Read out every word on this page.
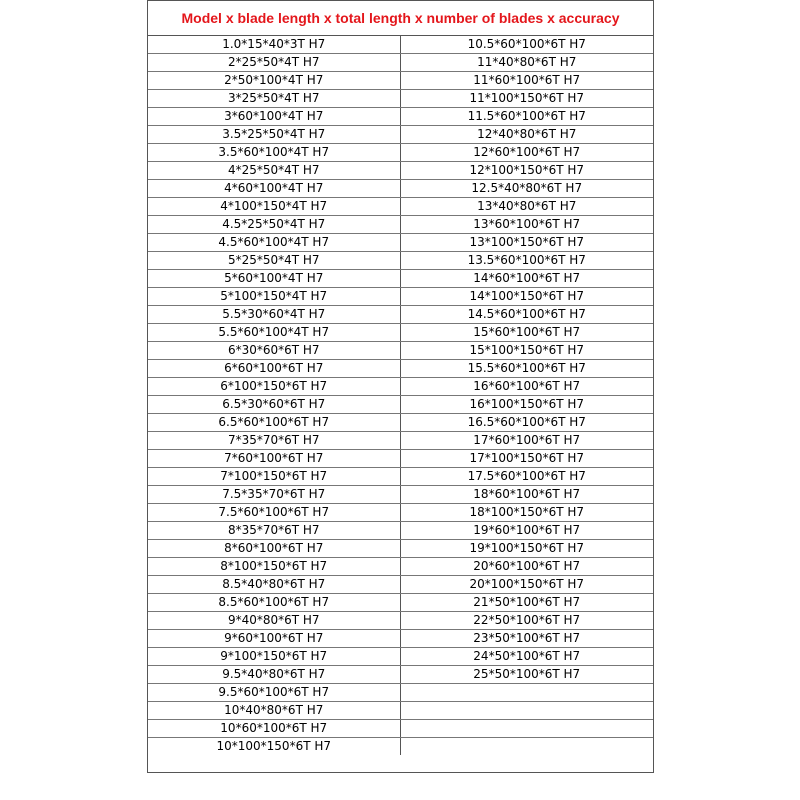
Model x blade length x total length x number of blades x accuracy
1.0*15*40*3T H7	10.5*60*100*6T H7
2*25*50*4T H7	11*40*80*6T H7
2*50*100*4T H7	11*60*100*6T H7
3*25*50*4T H7	11*100*150*6T H7
3*60*100*4T H7	11.5*60*100*6T H7
3.5*25*50*4T H7	12*40*80*6T H7
3.5*60*100*4T H7	12*60*100*6T H7
4*25*50*4T H7	12*100*150*6T H7
4*60*100*4T H7	12.5*40*80*6T H7
4*100*150*4T H7	13*40*80*6T H7
4.5*25*50*4T H7	13*60*100*6T H7
4.5*60*100*4T H7	13*100*150*6T H7
5*25*50*4T H7	13.5*60*100*6T H7
5*60*100*4T H7	14*60*100*6T H7
5*100*150*4T H7	14*100*150*6T H7
5.5*30*60*4T H7	14.5*60*100*6T H7
5.5*60*100*4T H7	15*60*100*6T H7
6*30*60*6T H7	15*100*150*6T H7
6*60*100*6T H7	15.5*60*100*6T H7
6*100*150*6T H7	16*60*100*6T H7
6.5*30*60*6T H7	16*100*150*6T H7
6.5*60*100*6T H7	16.5*60*100*6T H7
7*35*70*6T H7	17*60*100*6T H7
7*60*100*6T H7	17*100*150*6T H7
7*100*150*6T H7	17.5*60*100*6T H7
7.5*35*70*6T H7	18*60*100*6T H7
7.5*60*100*6T H7	18*100*150*6T H7
8*35*70*6T H7	19*60*100*6T H7
8*60*100*6T H7	19*100*150*6T H7
8*100*150*6T H7	20*60*100*6T H7
8.5*40*80*6T H7	20*100*150*6T H7
8.5*60*100*6T H7	21*50*100*6T H7
9*40*80*6T H7	22*50*100*6T H7
9*60*100*6T H7	23*50*100*6T H7
9*100*150*6T H7	24*50*100*6T H7
9.5*40*80*6T H7	25*50*100*6T H7
9.5*60*100*6T H7	
10*40*80*6T H7	
10*60*100*6T H7	
10*100*150*6T H7	
